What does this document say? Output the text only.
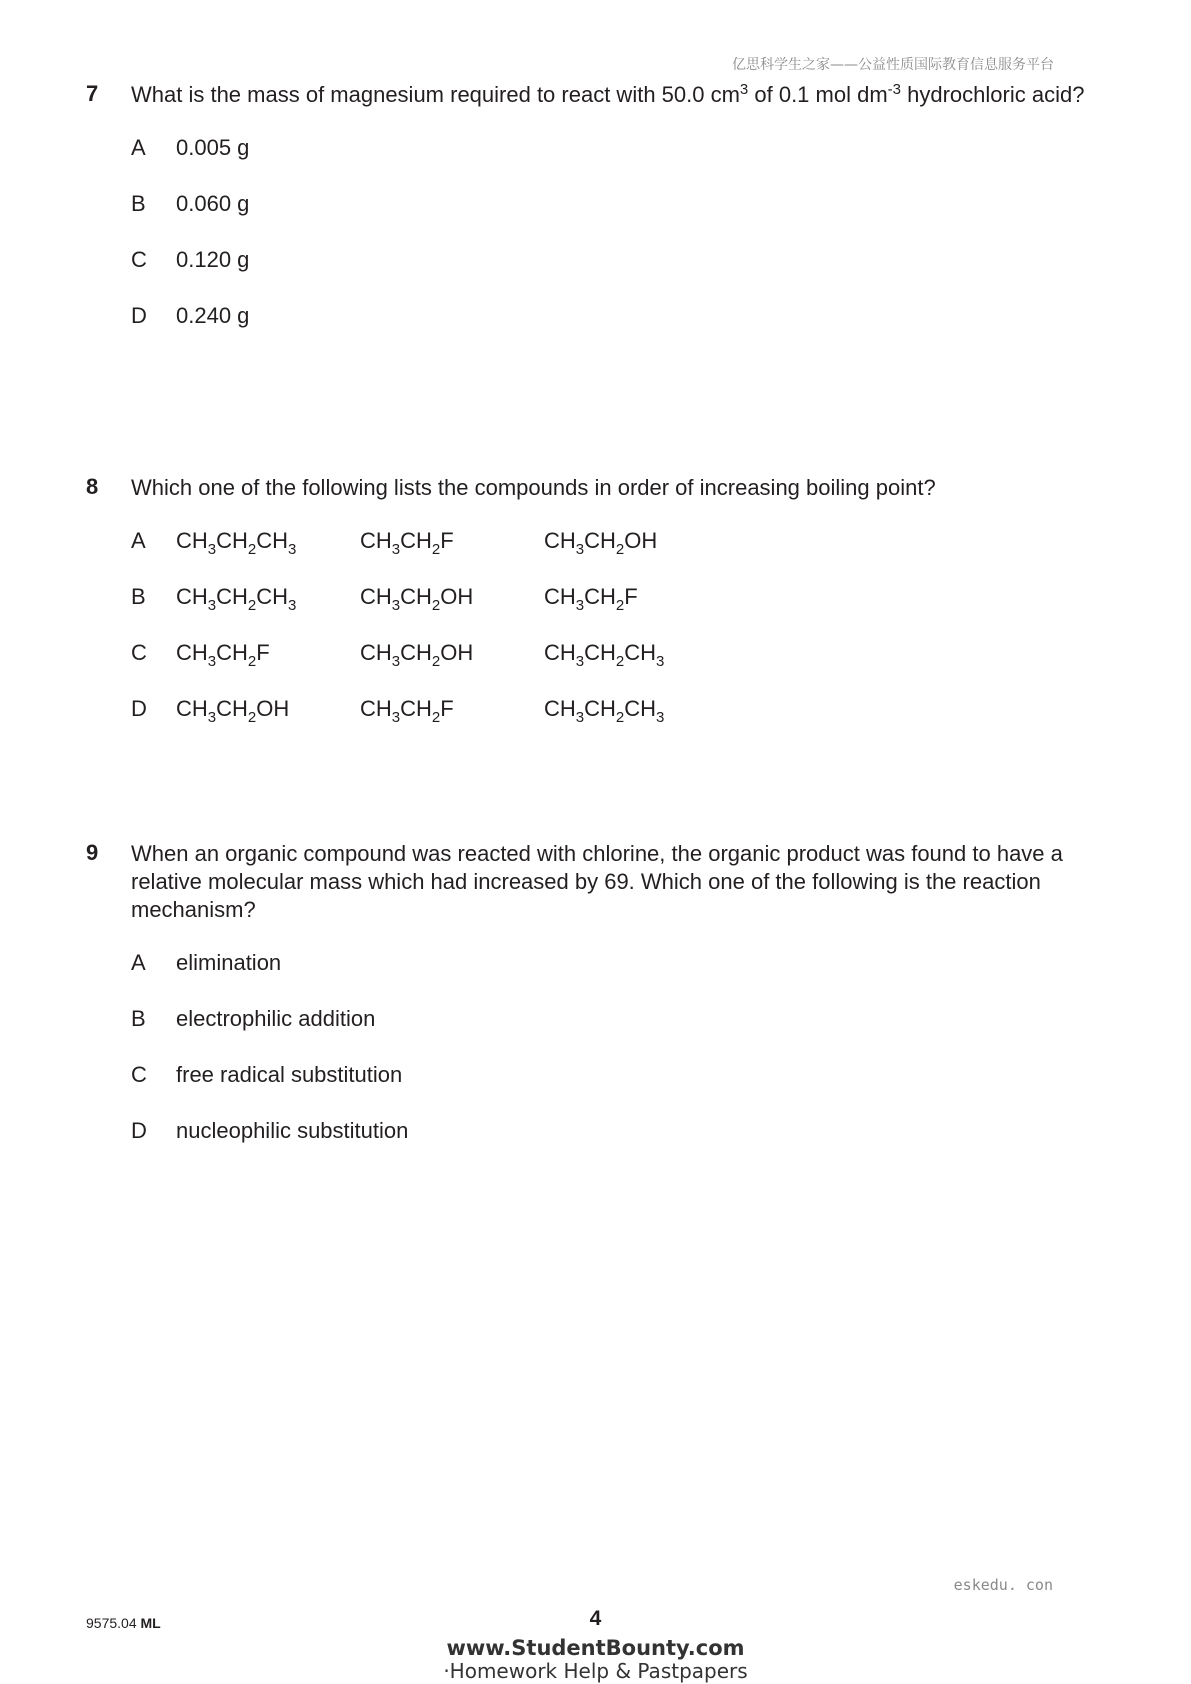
亿思科学生之家——公益性质国际教育信息服务平台
7 What is the mass of magnesium required to react with 50.0 $cm^3$ of 0.1 mol $dm^{-3}$ hydrochloric acid?
A	0.005 g
B	0.060 g
C	0.120 g
D	0.240 g
8 Which one of the following lists the compounds in order of increasing boiling point?
A	$CH_3CH_2CH_3$	$CH_3CH_2F$	$CH_3CH_2OH$
B	$CH_3CH_2CH_3$	$CH_3CH_2OH$	$CH_3CH_2F$
C	$CH_3CH_2F$	$CH_3CH_2OH$	$CH_3CH_2CH_3$
D	$CH_3CH_2OH$	$CH_3CH_2F$	$CH_3CH_2CH_3$
9 When an organic compound was reacted with chlorine, the organic product was found to have a relative molecular mass which had increased by 69. Which one of the following is the reaction mechanism?
A	elimination
B	electrophilic addition
C	free radical substitution
D	nucleophilic substitution
eskedu. con
9575.04 ML	4
www.StudentBounty.com
·Homework Help & Pastpapers
